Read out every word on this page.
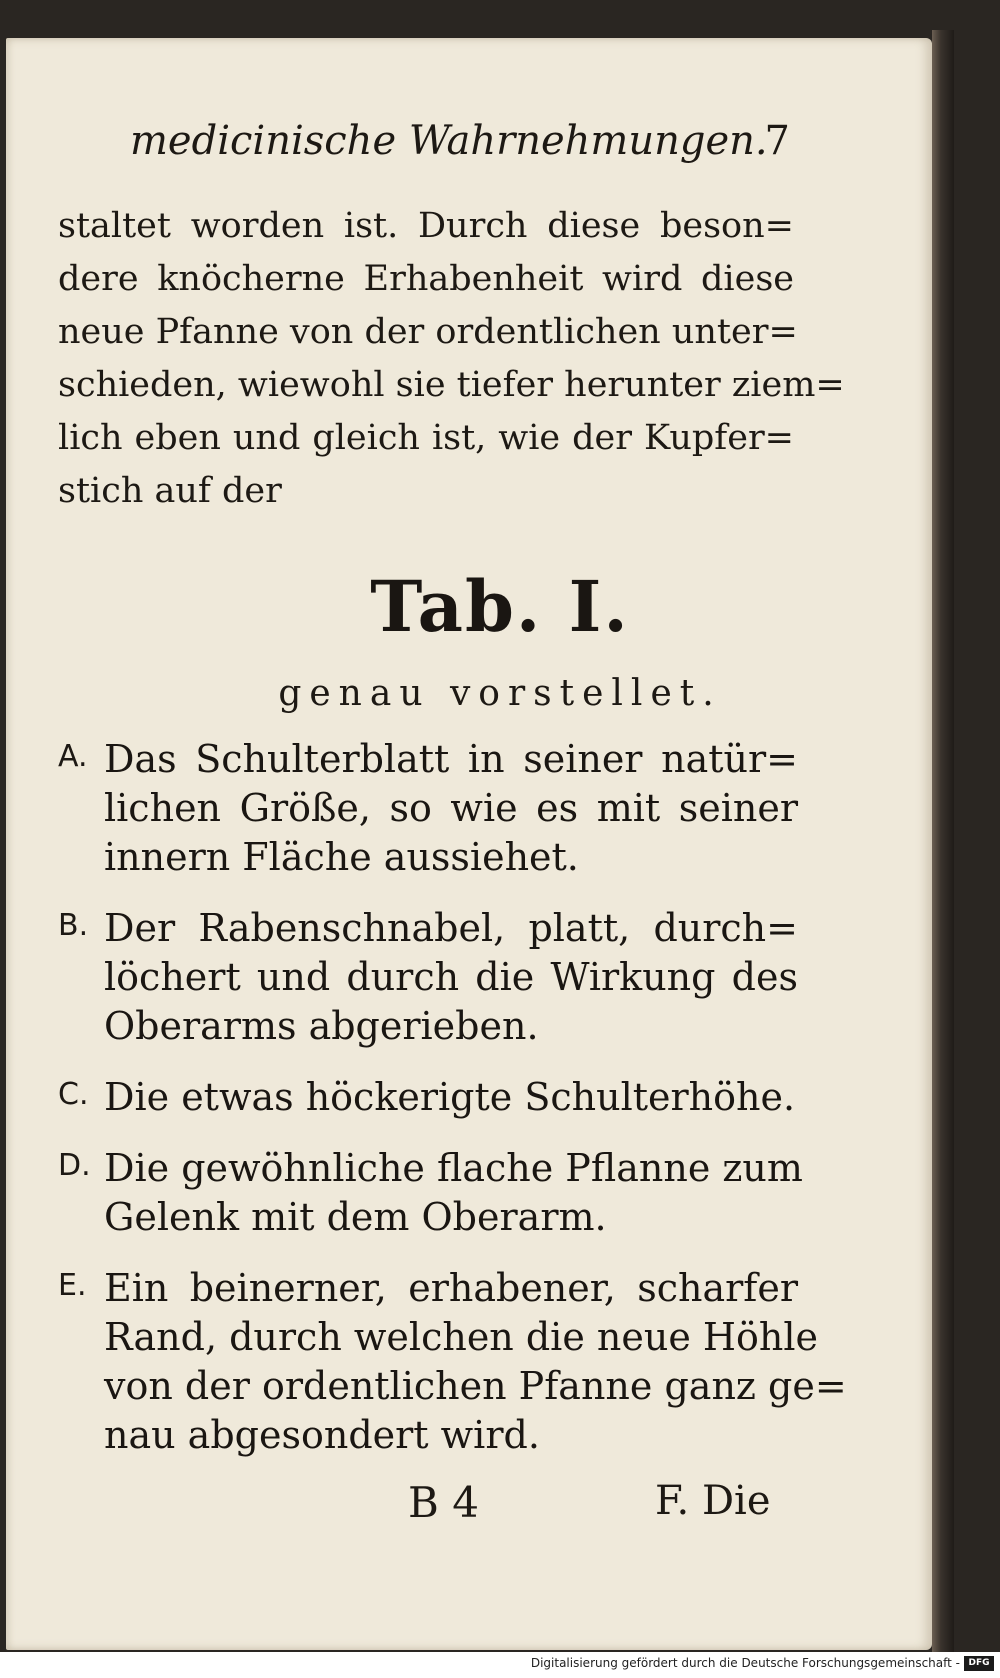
medicinische Wahrnehmungen.
7
staltet worden ist. Durch diese beson=
dere knöcherne Erhabenheit wird diese
neue Pfanne von der ordentlichen unter=
schieden, wiewohl sie tiefer herunter ziem=
lich eben und gleich ist, wie der Kupfer=
stich auf der
Tab. I.
genau vorstellet.
A. Das Schulterblatt in seiner natür=
lichen Größe, so wie es mit seiner
innern Fläche aussiehet.
B. Der Rabenschnabel, platt, durch=
löchert und durch die Wirkung des
Oberarms abgerieben.
C. Die etwas höckerigte Schulterhöhe.
D. Die gewöhnliche flache Pflanne zum
Gelenk mit dem Oberarm.
E. Ein beinerner, erhabener, scharfer
Rand, durch welchen die neue Höhle
von der ordentlichen Pfanne ganz ge=
nau abgesondert wird.
B 4	F. Die
Digitalisierung gefördert durch die Deutsche Forschungsgemeinschaft - DFG
